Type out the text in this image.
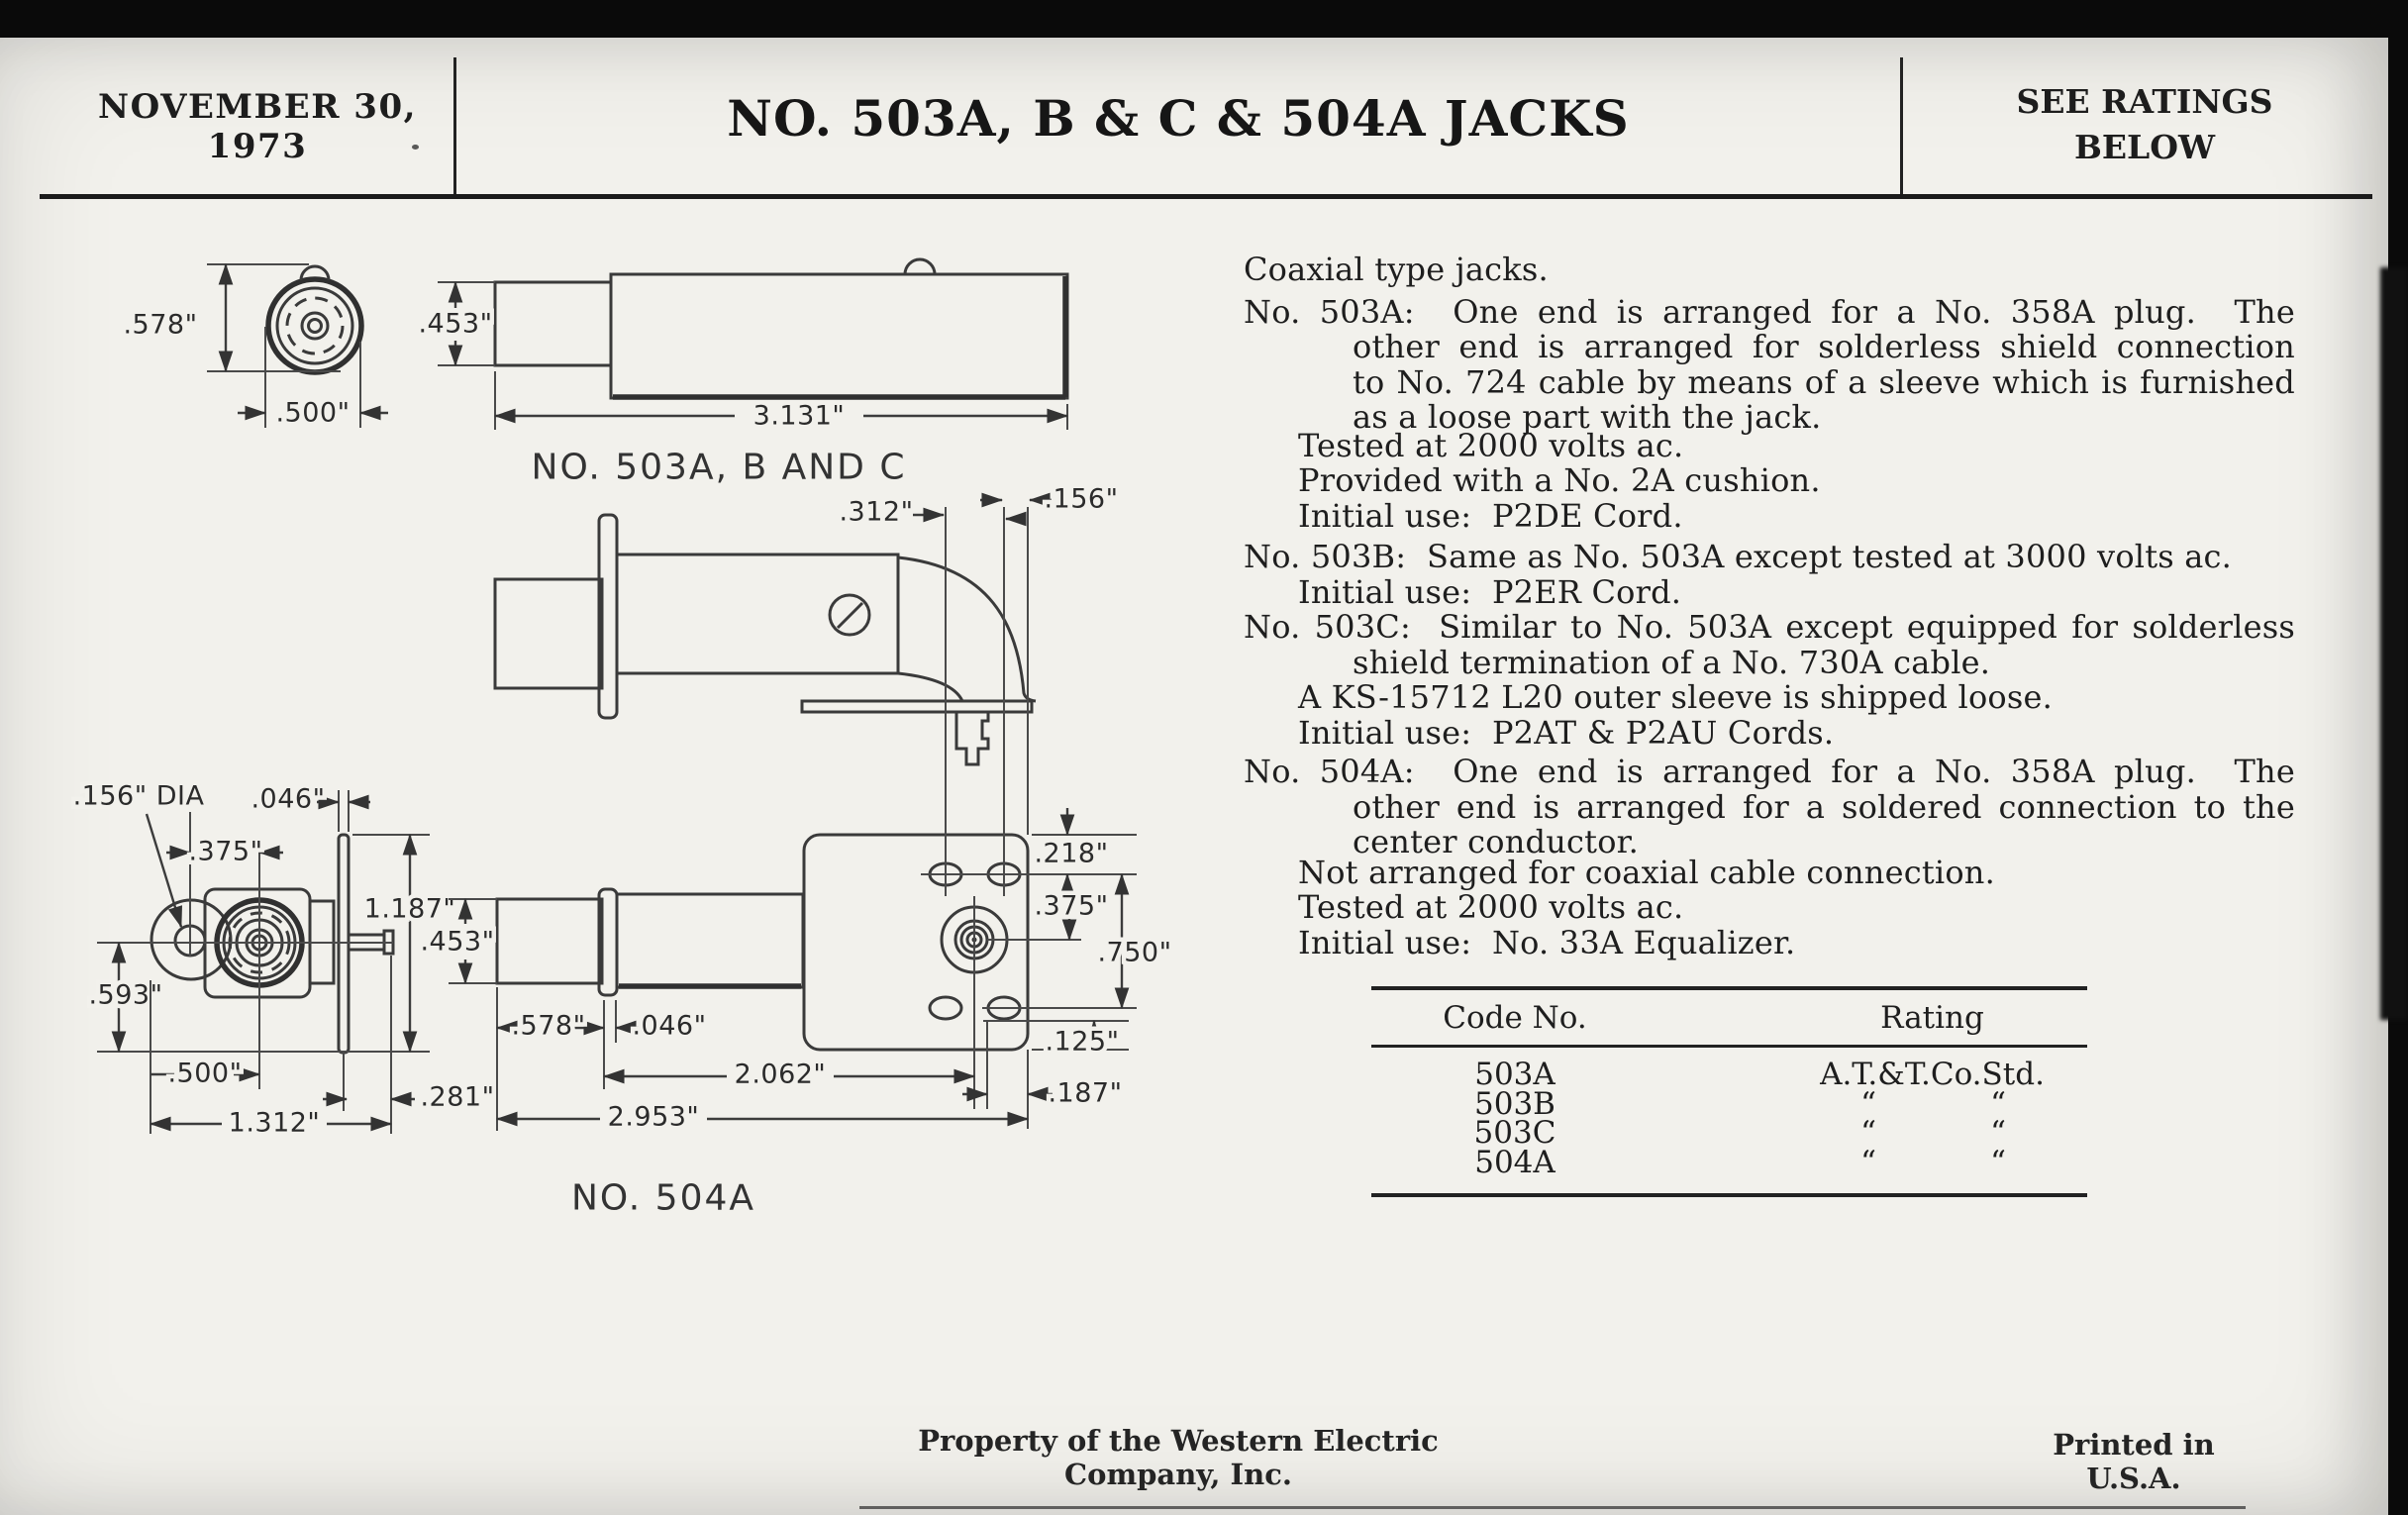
NOVEMBER 30, 1973	NO. 503A, B & C & 504A JACKS	SEE RATINGS
BELOW
.578"
.500"
.453"
3.131"
NO. 503A, B AND C
.156" DIA .046"
.375"
1.187"
.593"
.500"
.281"
1.312"
.312"	.156"
.218"
.375"
.750"
.125"
.187"
.453"
.578" .046"
2.062"
2.953"
NO. 504A
Coaxial type jacks.
No. 503A:  One end is arranged for a No. 358A plug.  The
other end is arranged for solderless shield connection
to No. 724 cable by means of a sleeve which is furnished
as a loose part with the jack.
Tested at 2000 volts ac.
Provided with a No. 2A cushion.
Initial use:  P2DE Cord.
No. 503B:  Same as No. 503A except tested at 3000 volts ac.
Initial use:  P2ER Cord.
No. 503C:  Similar to No. 503A except equipped for solderless
shield termination of a No. 730A cable.
A KS-15712 L20 outer sleeve is shipped loose.
Initial use:  P2AT & P2AU Cords.
No. 504A:  One end is arranged for a No. 358A plug.  The
other end is arranged for a soldered connection to the
center conductor.
Not arranged for coaxial cable connection.
Tested at 2000 volts ac.
Initial use:  No. 33A Equalizer.
Code No.	Rating
503A	A.T.&T.Co.Std.
503B	“	“
503C	“	“
504A	“	“
Property of the Western Electric Company, Inc.
Printed in U.S.A.
